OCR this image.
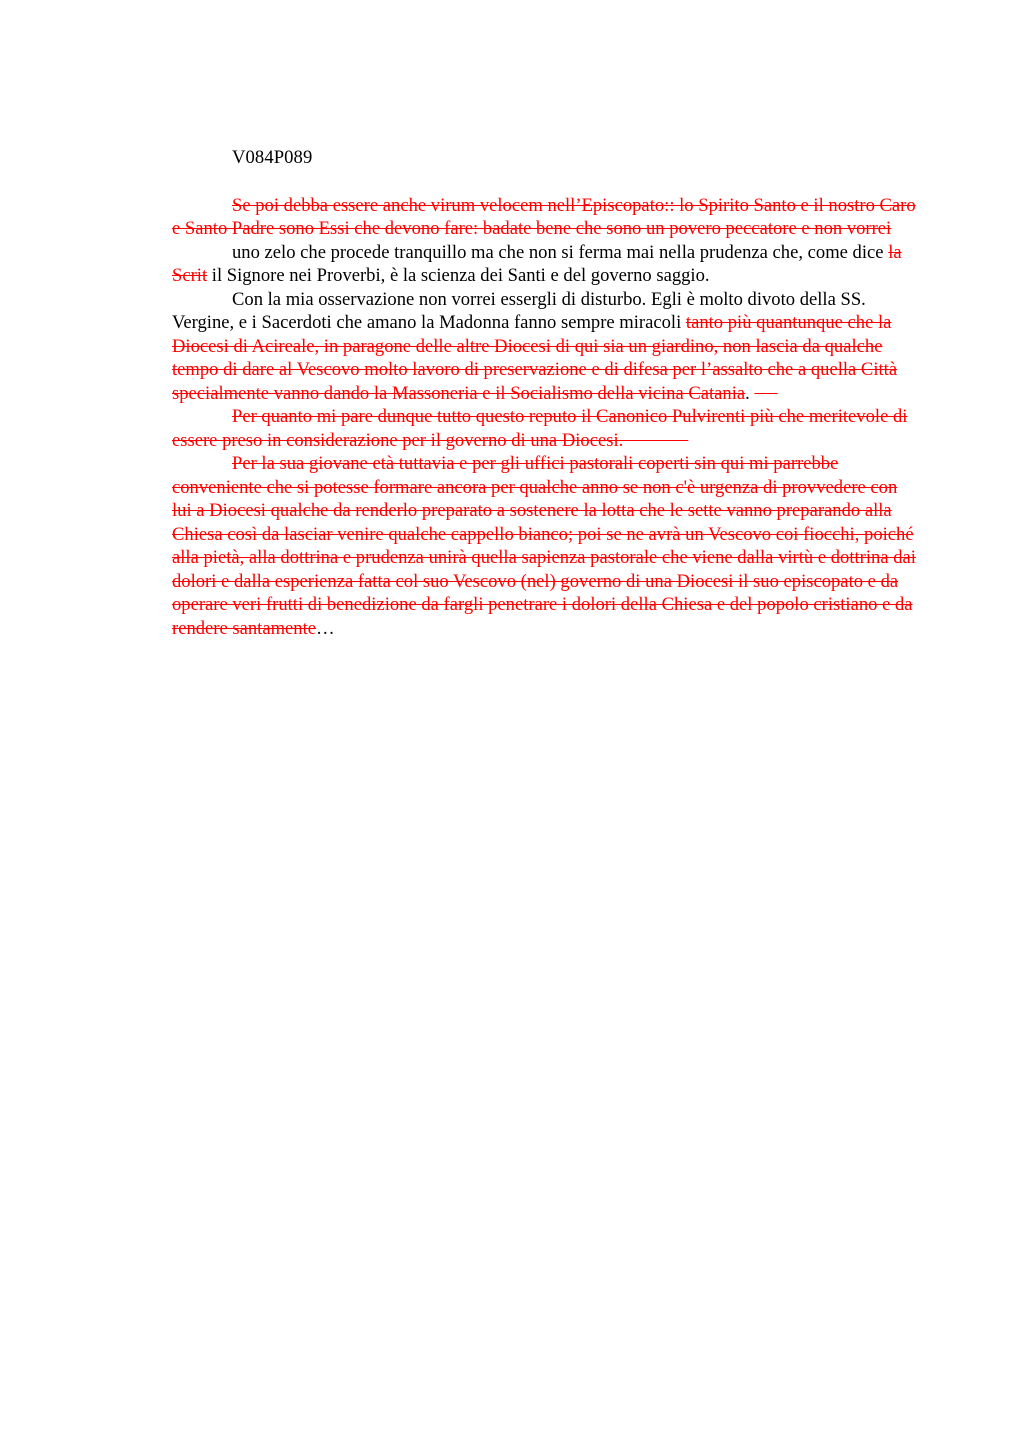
V084P089

Se poi debba essere anche virum velocem nell’Episcopato:: lo Spirito Santo e il nostro Caro e Santo Padre sono Essi che devono fare: badate bene che sono un povero peccatore e non vorrei

uno zelo che procede tranquillo ma che non si ferma mai nella prudenza che, come dice la Scrit il Signore nei Proverbi, è la scienza dei Santi e del governo saggio.

Con la mia osservazione non vorrei essergli di disturbo. Egli è molto divoto della SS. Vergine, e i Sacerdoti che amano la Madonna fanno sempre miracoli tanto più quantunque che la Diocesi di Acireale, in paragone delle altre Diocesi di qui sia un giardino, non lascia da qualche tempo di dare al Vescovo molto lavoro di preservazione e di difesa per l’assalto che a quella Città specialmente vanno dando la Massoneria e il Socialismo della vicina Catania.

Per quanto mi pare dunque tutto questo reputo il Canonico Pulvirenti più che meritevole di essere preso in considerazione per il governo di una Diocesi.

Per la sua giovane età tuttavia e per gli uffici pastorali coperti sin qui mi parrebbe conveniente che si potesse formare ancora per qualche anno se non c'è urgenza di provvedere con lui a Diocesi qualche da renderlo preparato a sostenere la lotta che le sette vanno preparando alla Chiesa così da lasciar venire qualche cappello bianco; poi se ne avrà un Vescovo coi fiocchi, poiché alla pietà, alla dottrina e prudenza unirà quella sapienza pastorale che viene dalla virtù e dottrina dai dolori e dalla esperienza fatta col suo Vescovo (nel) governo di una Diocesi il suo episcopato e da operare veri frutti di benedizione da fargli penetrare i dolori della Chiesa e del popolo cristiano e da rendere santamente…
